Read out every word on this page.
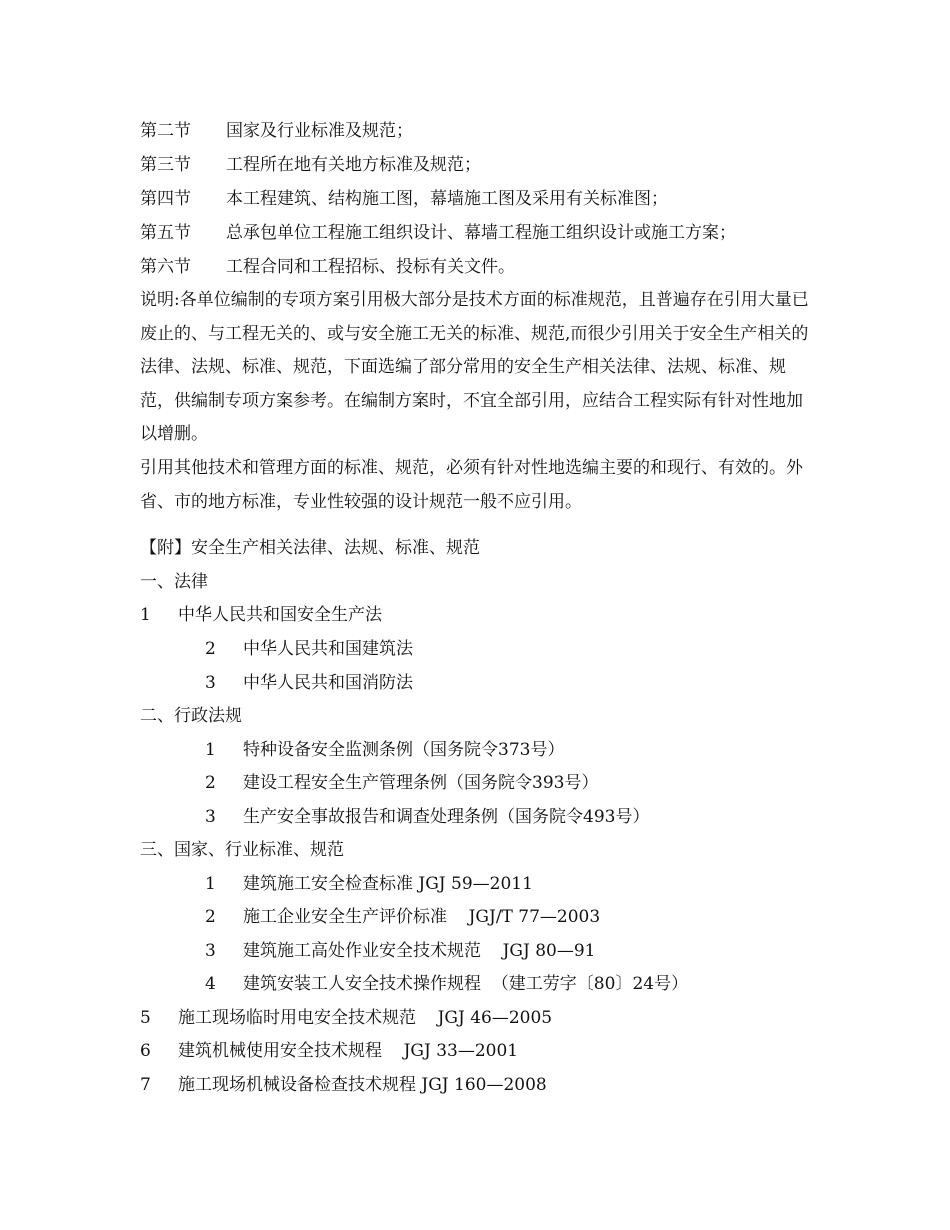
第二节 国家及行业标准及规范；
第三节 工程所在地有关地方标准及规范；
第四节 本工程建筑、结构施工图，幕墙施工图及采用有关标准图；
第五节 总承包单位工程施工组织设计、幕墙工程施工组织设计或施工方案；
第六节 工程合同和工程招标、投标有关文件。
说明:各单位编制的专项方案引用极大部分是技术方面的标准规范，且普遍存在引用大量已废止的、与工程无关的、或与安全施工无关的标准、规范,而很少引用关于安全生产相关的法律、法规、标准、规范，下面选编了部分常用的安全生产相关法律、法规、标准、规范，供编制专项方案参考。在编制方案时，不宜全部引用，应结合工程实际有针对性地加以增删。
引用其他技术和管理方面的标准、规范，必须有针对性地选编主要的和现行、有效的。外省、市的地方标准，专业性较强的设计规范一般不应引用。
【附】安全生产相关法律、法规、标准、规范
一、法律
1 中华人民共和国安全生产法
2 中华人民共和国建筑法
3 中华人民共和国消防法
二、行政法规
1 特种设备安全监测条例（国务院令373号）
2 建设工程安全生产管理条例（国务院令393号）
3 生产安全事故报告和调查处理条例（国务院令493号）
三、国家、行业标准、规范
1 建筑施工安全检查标准 JGJ 59—2011
2 施工企业安全生产评价标准    JGJ/T 77—2003
3 建筑施工高处作业安全技术规范    JGJ 80—91
4 建筑安装工人安全技术操作规程  （建工劳字〔80〕24号）
5 施工现场临时用电安全技术规范    JGJ 46—2005
6 建筑机械使用安全技术规程    JGJ 33—2001
7 施工现场机械设备检查技术规程 JGJ 160—2008
